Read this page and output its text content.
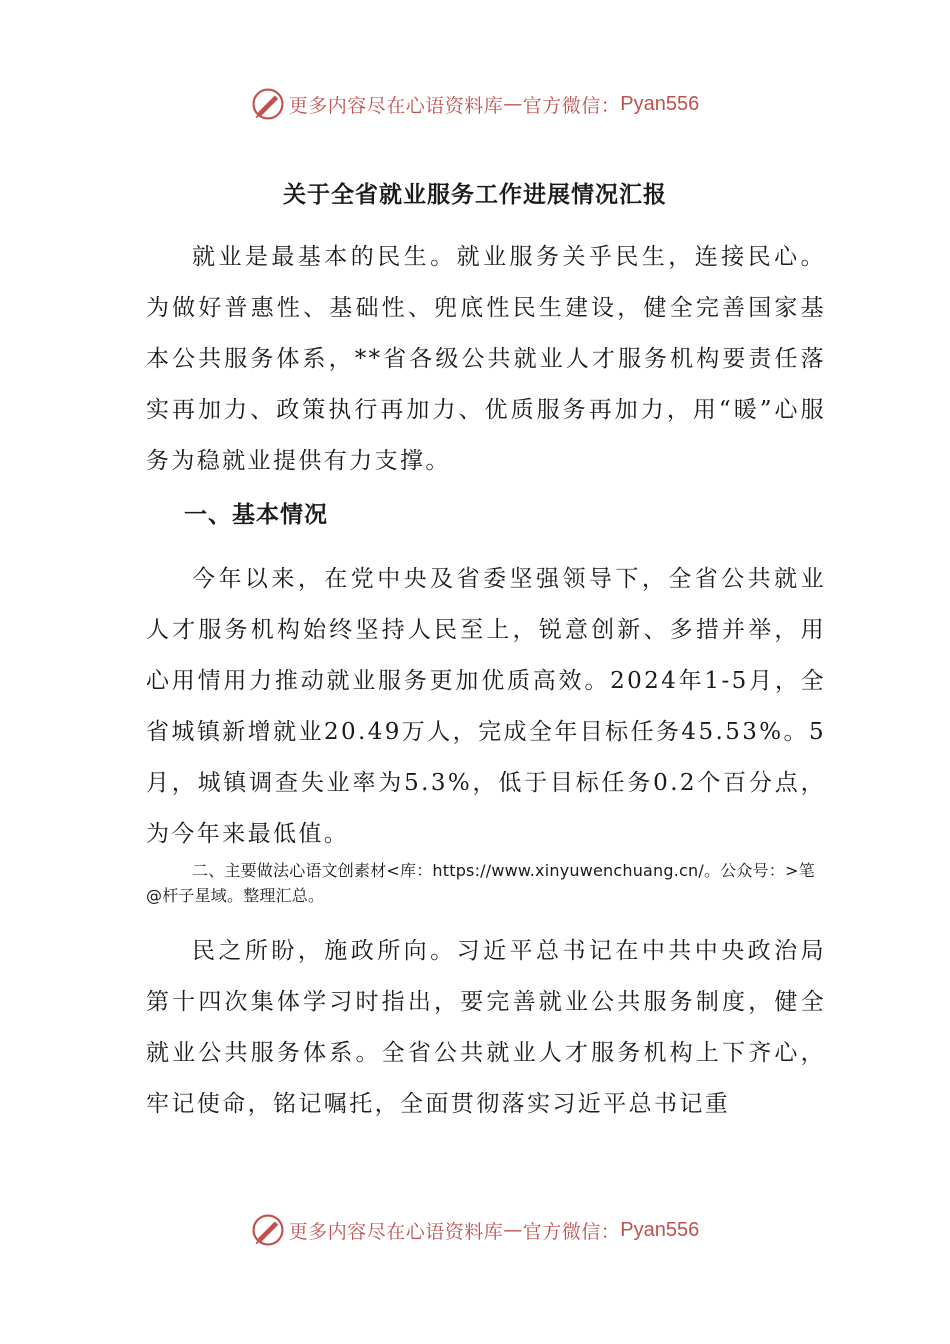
更多内容尽在心语资料库 — 官方微信： Pyan556
关于全省就业服务工作进展情况汇报

就业是最基本的民生。就业服务关乎民生，连接民心。为做好普惠性、基础性、兜底性民生建设，健全完善国家基本公共服务体系，**省各级公共就业人才服务机构要责任落实再加力、政策执行再加力、优质服务再加力，用“暖”心服务为稳就业提供有力支撑。

一、基本情况

今年以来，在党中央及省委坚强领导下，全省公共就业人才服务机构始终坚持人民至上，锐意创新、多措并举，用心用情用力推动就业服务更加优质高效。2024年1-5月，全省城镇新增就业20.49万人，完成全年目标任务45.53%。5月，城镇调查失业率为5.3%，低于目标任务0.2个百分点，为今年来最低值。

二、主要做法心语文创素材<库：https://www.xinyuwenchuang.cn/。公众号：>笔@杆子星域。整理汇总。

民之所盼，施政所向。习近平总书记在中共中央政治局第十四次集体学习时指出，要完善就业公共服务制度，健全就业公共服务体系。全省公共就业人才服务机构上下齐心，牢记使命，铭记嘱托，全面贯彻落实习近平总书记重

更多内容尽在心语资料库 — 官方微信： Pyan556
